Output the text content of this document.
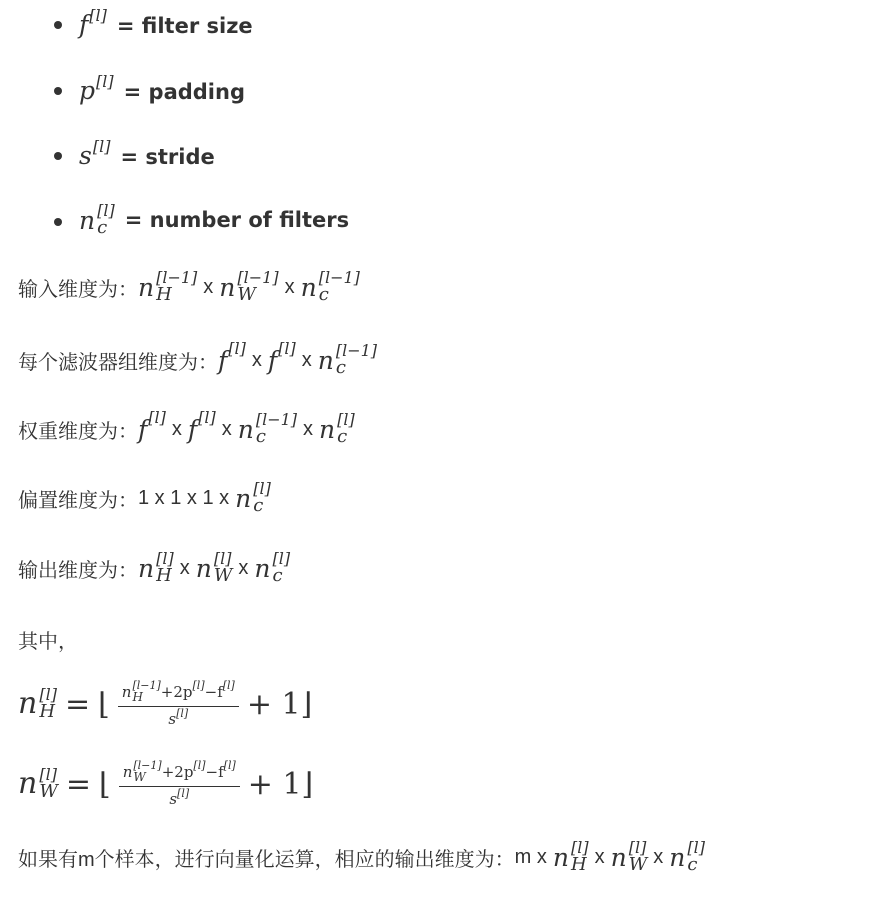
f [l] = filter size
p [l] = padding
s [l] = stride
n [l]
c = number of filters
输入维度为： n [l−1]
H	x n [l−1]
W	x n [l−1]
c
每个滤波器组维度为： f [l]
x f [l]
x n [l−1]
c
权重维度为： f [l]
x f [l]
x n [l−1]
c	x n [l]
c
偏置维度为： 1 x 1 x 1 x n [l]
c
输出维度为： n [l]
H x n [l]
W x n [l]
c
其中，
n [l]
H = ⌊ n [l−1]
H	+2p [l] −f [l]
s [l] + 1 ⌋
n [l]
W = ⌊ n [l−1]
W	+2p [l] −f [l]
s [l] + 1 ⌋
如果有m个样本，进行向量化运算，相应的输出维度为： m x n [l]
H x n [l]
W x n [l]
c
